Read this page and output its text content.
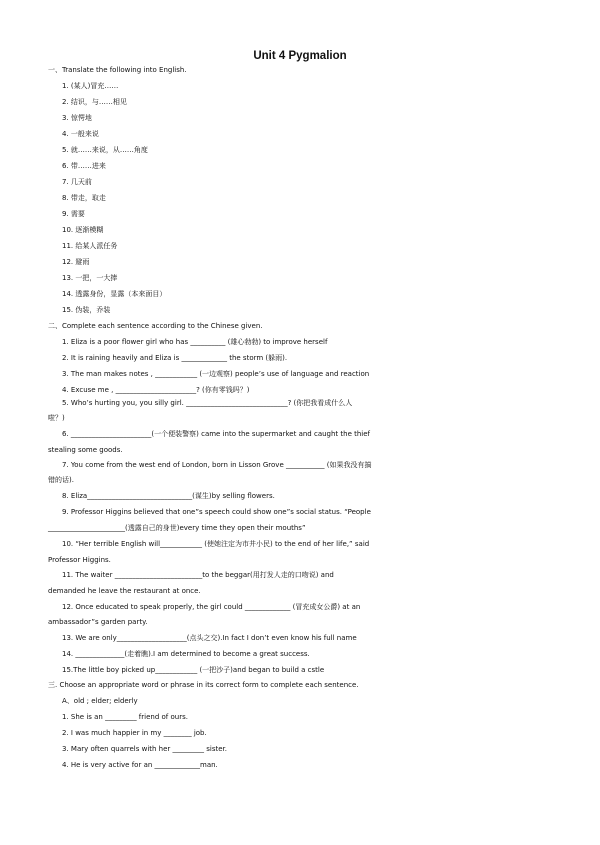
Unit 4 Pygmalion
一、Translate the following into English.
1. (某人)冒充……
2. 结识，与……相见
3. 惊愕地
4. 一般来说
5. 就……来说，从……角度
6. 带……进来
7. 几天前
8. 带走，取走
9. 需要
10. 逐渐模糊
11. 给某人派任务
12. 避雨
13. 一把，一大捧
14. 透露身份，显露（本来面目）
15. 伪装，乔装
二、Complete each sentence according to the Chinese given.
1. Eliza is a poor flower girl who has __________ (雄心勃勃) to improve herself
2. It is raining heavily and Eliza is _____________ the storm (躲雨).
3. The man makes notes , ____________ (一边观察) people’s use of language and reaction
4. Excuse me , _______________________? (你有零钱吗？)
5. Who’s hurting you, you silly girl. _____________________________? (你把我看成什么人
啦？)
6. _______________________(一个便装警察) came into the supermarket and caught the thief
stealing some goods.
7. You come from the west end of London, born in Lisson Grove ___________ (如果我没有搞
错的话).
8. Eliza______________________________(谋生)by selling flowers.
9. Professor Higgins believed that one”s speech could show one”s social status. “People
______________________(透露自己的身世)every time they open their mouths”
10. “Her terrible English will____________ (使她注定为市井小民) to the end of her life,” said
Professor Higgins.
11. The waiter _________________________to the beggar(用打发人走的口吻说) and
demanded he leave the restaurant at once.
12. Once educated to speak properly, the girl could _____________ (冒充成女公爵) at an
ambassador”s garden party.
13. We are only____________________(点头之交).In fact I don’t even know his full name
14. ______________(走着瞧).I am determined to become a great success.
15.The little boy picked up____________ (一把沙子)and began to build a cstle
三. Choose an appropriate word or phrase in its correct form to complete each sentence.
A、old ; elder; elderly
1. She is an _________ friend of ours.
2. I was much happier in my ________ job.
3. Mary often quarrels with her _________ sister.
4. He is very active for an _____________man.
